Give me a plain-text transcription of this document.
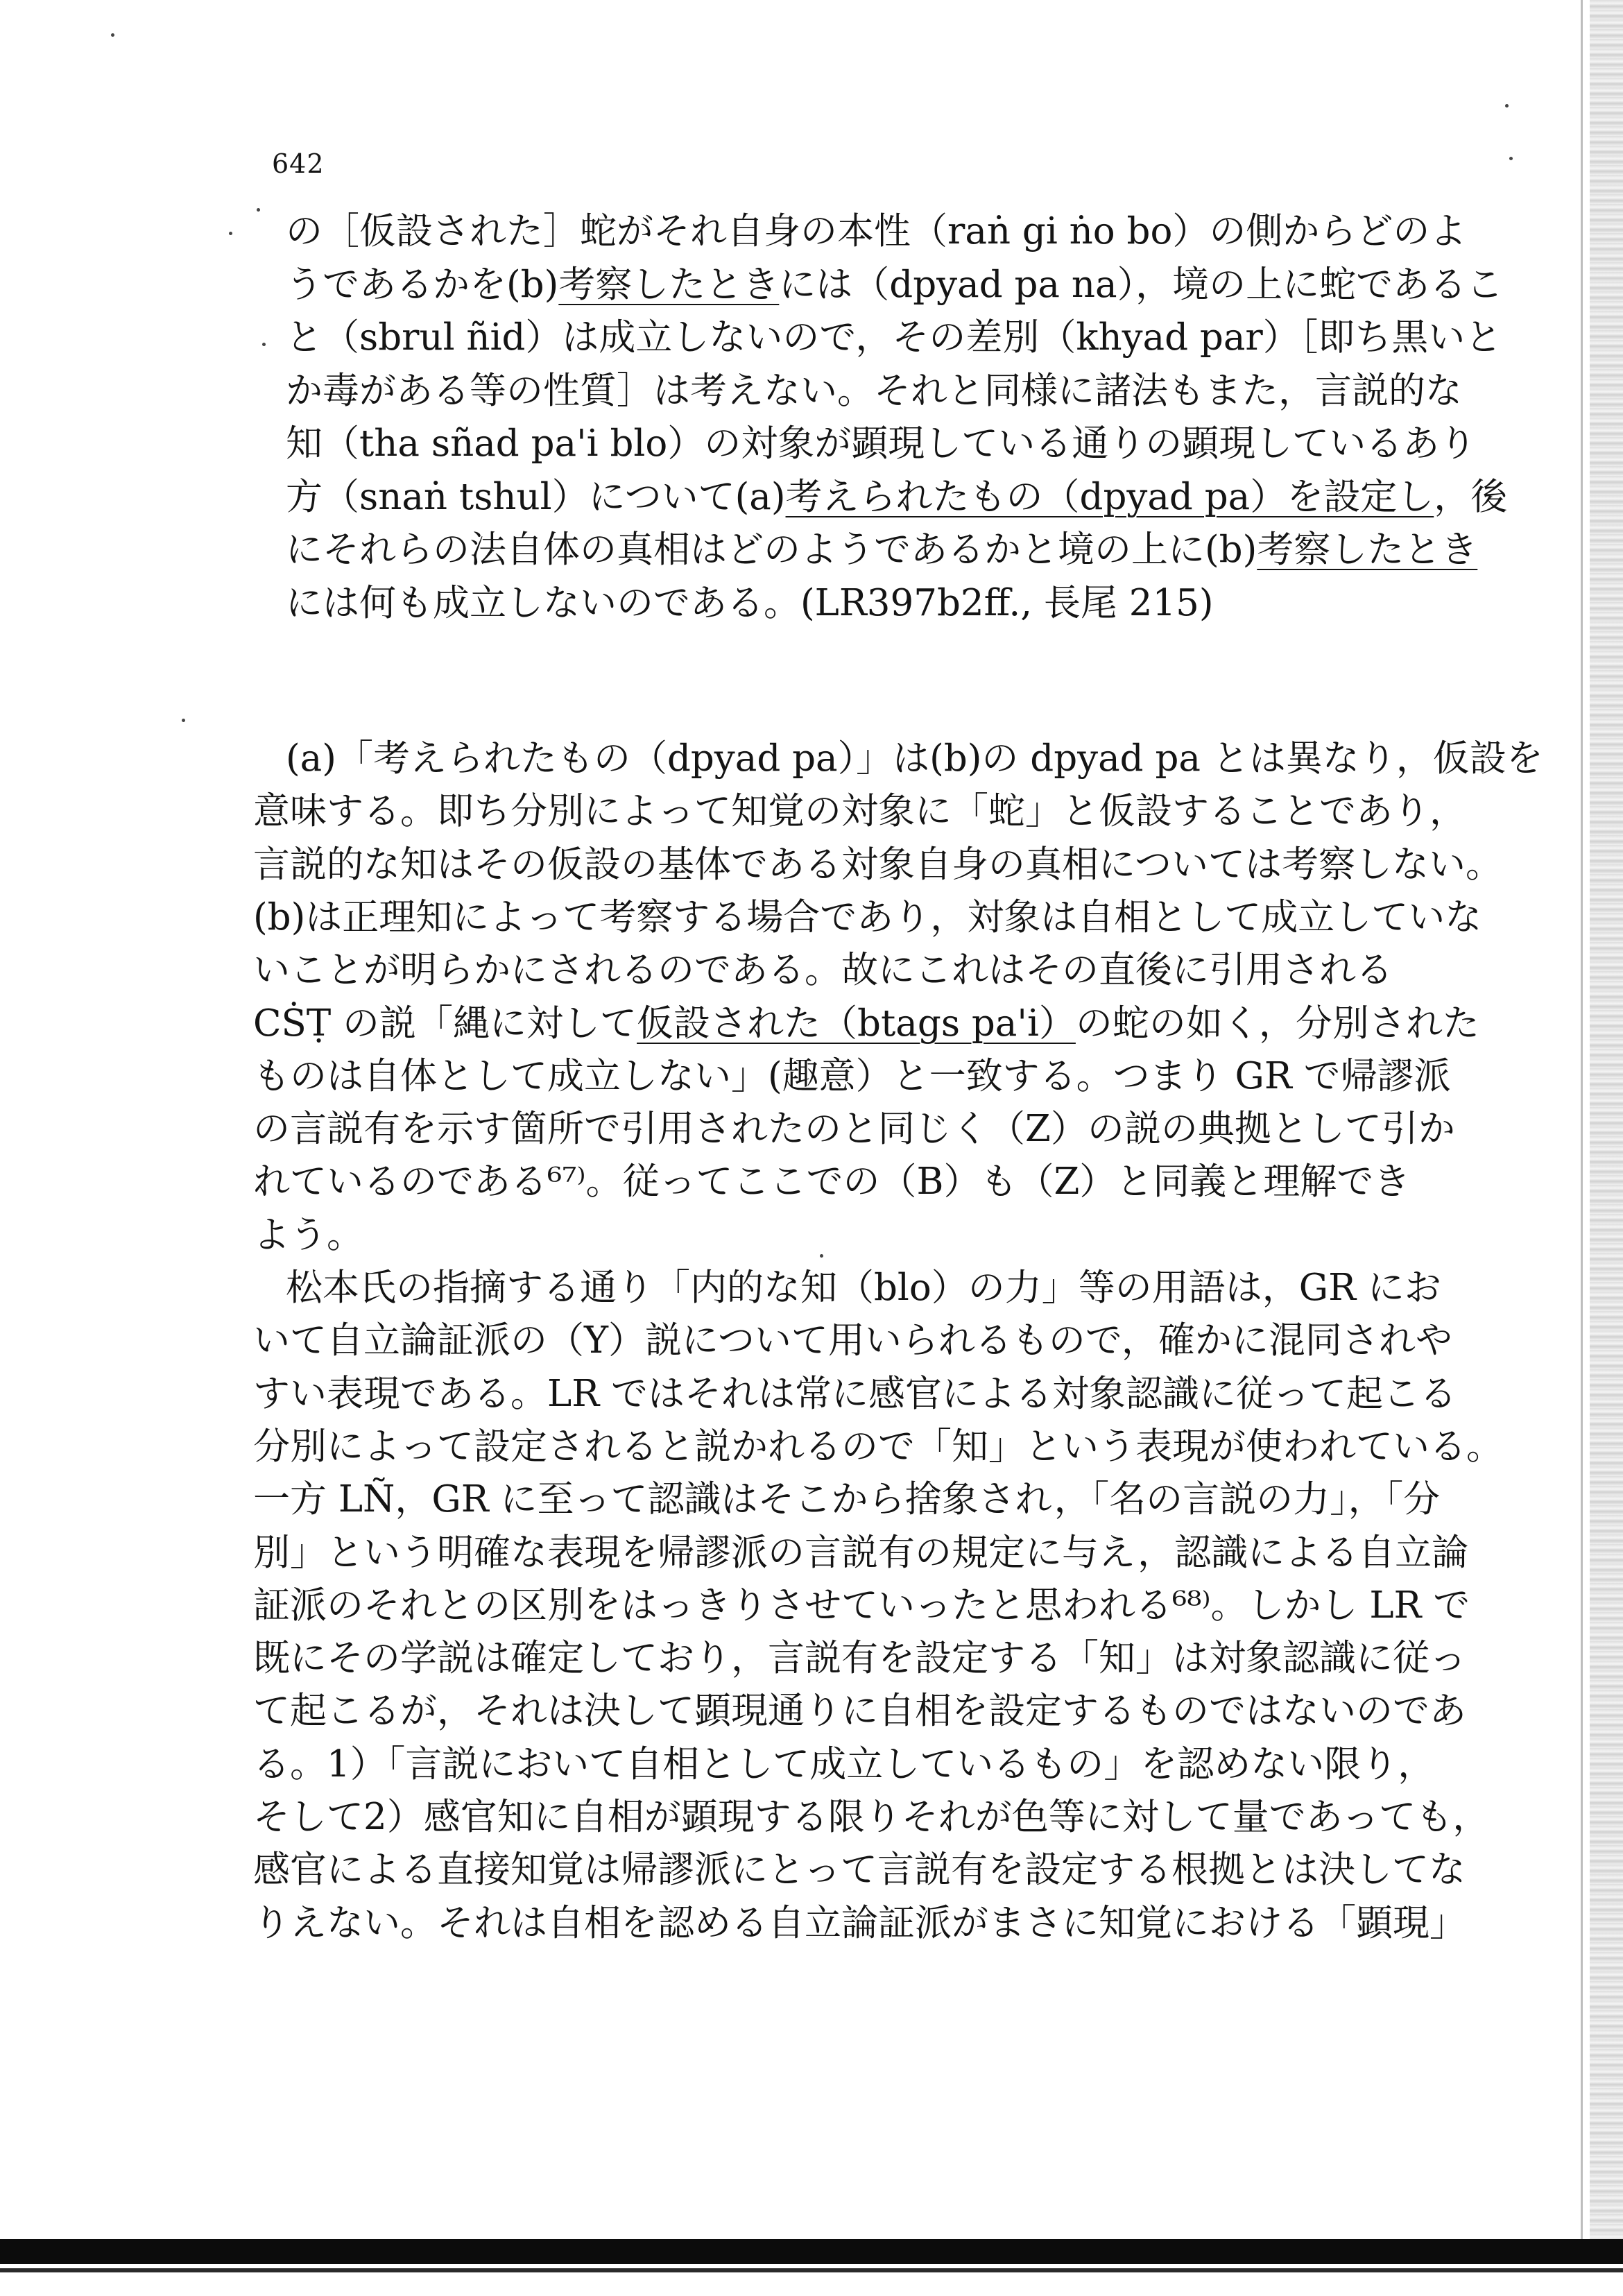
642
の［仮設された］蛇がそれ自身の本性（raṅ gi ṅo bo）の側からどのよ
うであるかを(b)考察したときには（dpyad pa na），境の上に蛇であるこ
と（sbrul ñid）は成立しないので，その差別（khyad par）［即ち黒いと
か毒がある等の性質］は考えない。それと同様に諸法もまた，言説的な
知（tha sñad pa'i blo）の対象が顕現している通りの顕現しているあり
方（snaṅ tshul）について(a)考えられたもの（dpyad pa）を設定し，後
にそれらの法自体の真相はどのようであるかと境の上に(b)考察したとき
には何も成立しないのである。(LR397b2ff., 長尾 215)
(a)「考えられたもの（dpyad pa）」は(b)の dpyad pa とは異なり，仮設を
意味する。即ち分別によって知覚の対象に「蛇」と仮設することであり，
言説的な知はその仮設の基体である対象自身の真相については考察しない。
(b)は正理知によって考察する場合であり，対象は自相として成立していな
いことが明らかにされるのである。故にこれはその直後に引用される
CṠṬ の説「縄に対して仮設された（btags pa'i）の蛇の如く，分別された
ものは自体として成立しない」(趣意）と一致する。つまり GR で帰謬派
の言説有を示す箇所で引用されたのと同じく（Z）の説の典拠として引か
れているのである⁶⁷⁾。従ってここでの（B）も（Z）と同義と理解でき
よう。
松本氏の指摘する通り「内的な知（blo）の力」等の用語は，GR にお
いて自立論証派の（Y）説について用いられるもので，確かに混同されや
すい表現である。LR ではそれは常に感官による対象認識に従って起こる
分別によって設定されると説かれるので「知」という表現が使われている。
一方 LÑ，GR に至って認識はそこから捨象され，「名の言説の力」，「分
別」という明確な表現を帰謬派の言説有の規定に与え，認識による自立論
証派のそれとの区別をはっきりさせていったと思われる⁶⁸⁾。しかし LR で
既にその学説は確定しており，言説有を設定する「知」は対象認識に従っ
て起こるが，それは決して顕現通りに自相を設定するものではないのであ
る。1）「言説において自相として成立しているもの」を認めない限り，
そして2）感官知に自相が顕現する限りそれが色等に対して量であっても，
感官による直接知覚は帰謬派にとって言説有を設定する根拠とは決してな
りえない。それは自相を認める自立論証派がまさに知覚における「顕現」
